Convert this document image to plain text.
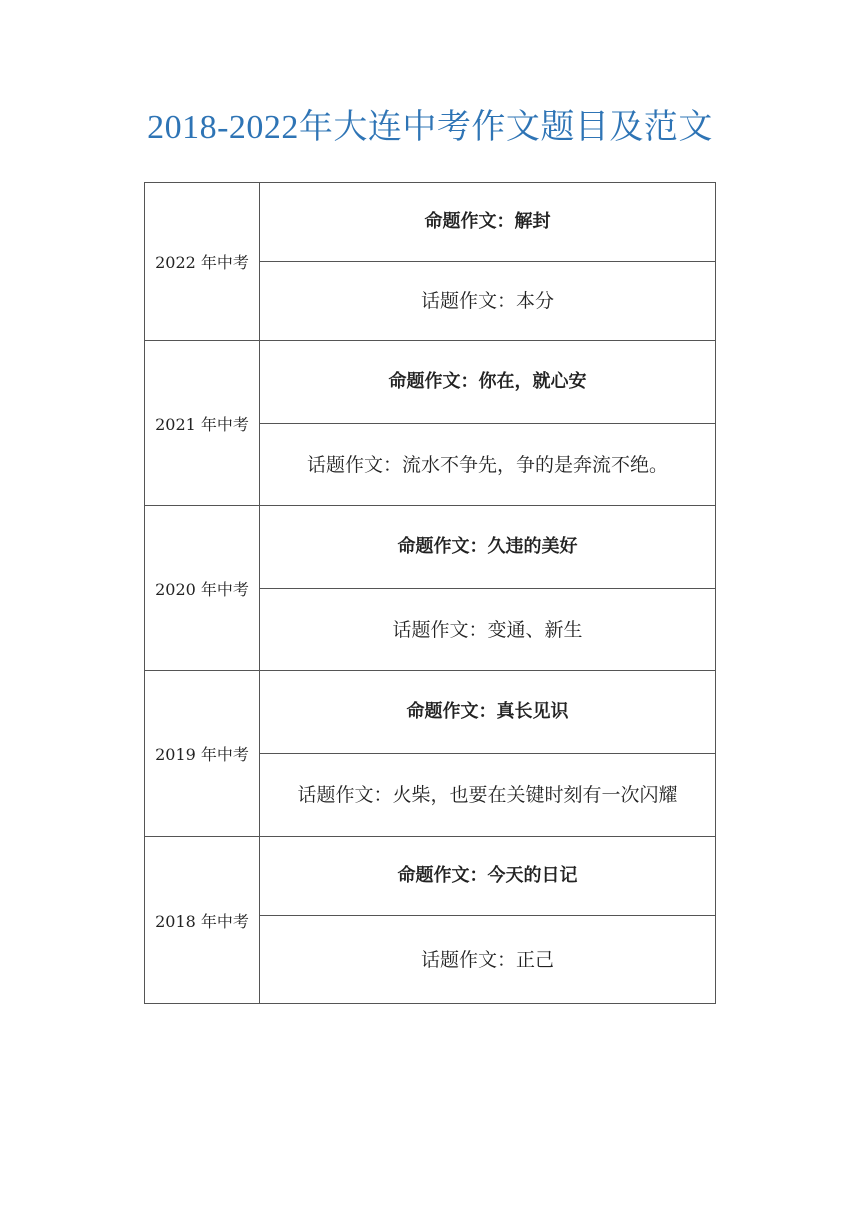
2018-2022年大连中考作文题目及范文
2022 年中考	命题作文：解封
	话题作文：本分
2021 年中考	命题作文：你在，就心安
	话题作文：流水不争先，争的是奔流不绝。
2020 年中考	命题作文：久违的美好
	话题作文：变通、新生
2019 年中考	命题作文：真长见识
	话题作文：火柴，也要在关键时刻有一次闪耀
2018 年中考	命题作文：今天的日记
	话题作文：正己
